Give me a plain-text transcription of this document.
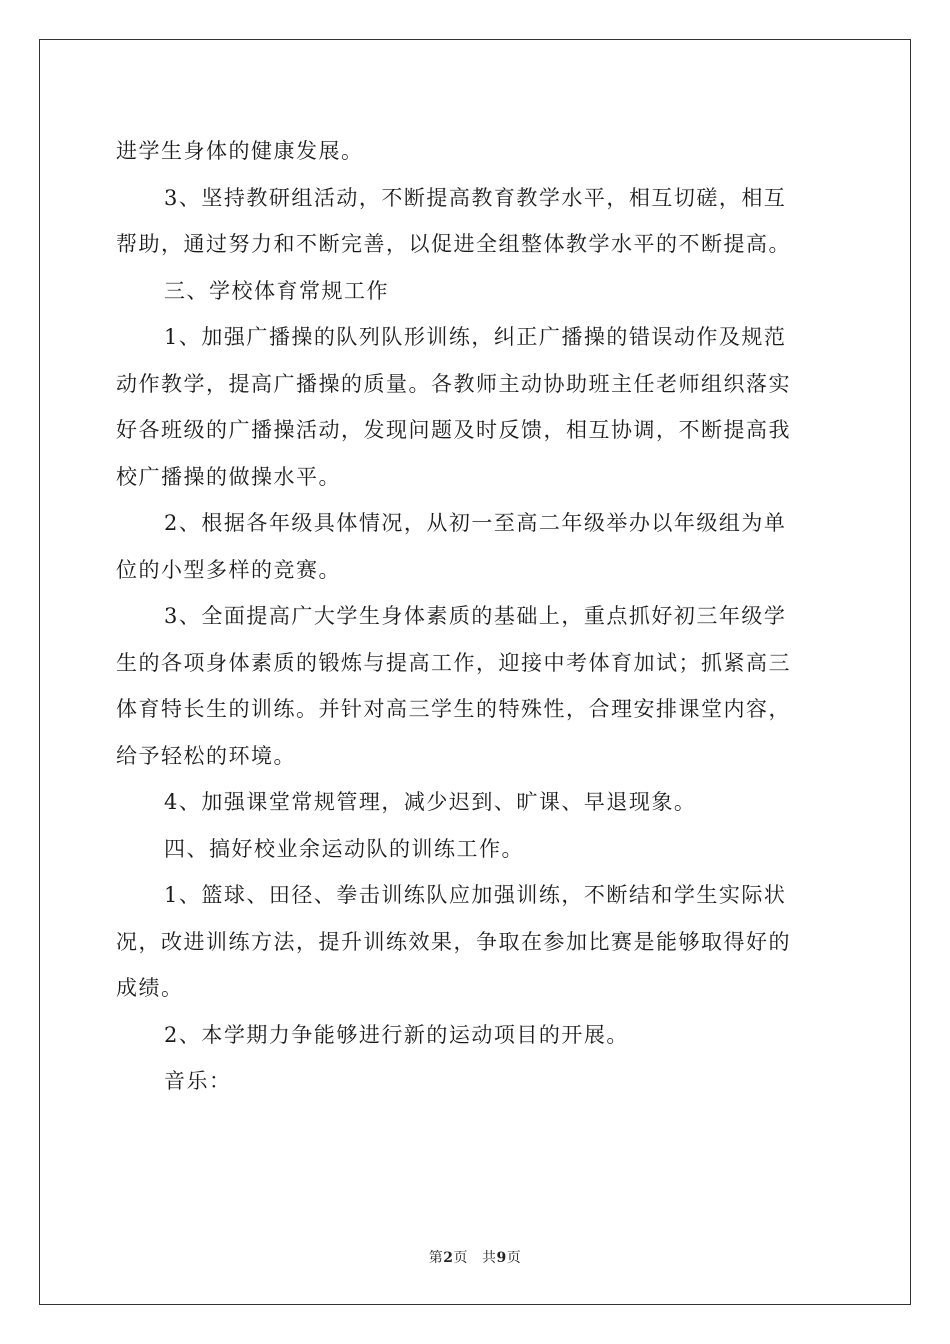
进学生身体的健康发展。

3、坚持教研组活动，不断提高教育教学水平，相互切磋，相互
帮助，通过努力和不断完善，以促进全组整体教学水平的不断提高。

三、学校体育常规工作

1、加强广播操的队列队形训练，纠正广播操的错误动作及规范
动作教学，提高广播操的质量。各教师主动协助班主任老师组织落实
好各班级的广播操活动，发现问题及时反馈，相互协调，不断提高我
校广播操的做操水平。

2、根据各年级具体情况，从初一至高二年级举办以年级组为单
位的小型多样的竞赛。

3、全面提高广大学生身体素质的基础上，重点抓好初三年级学
生的各项身体素质的锻炼与提高工作，迎接中考体育加试；抓紧高三
体育特长生的训练。并针对高三学生的特殊性，合理安排课堂内容，
给予轻松的环境。

4、加强课堂常规管理，减少迟到、旷课、早退现象。

四、搞好校业余运动队的训练工作。

1、篮球、田径、拳击训练队应加强训练，不断结和学生实际状
况，改进训练方法，提升训练效果，争取在参加比赛是能够取得好的
成绩。

2、本学期力争能够进行新的运动项目的开展。

音乐：

第2页 共9页
